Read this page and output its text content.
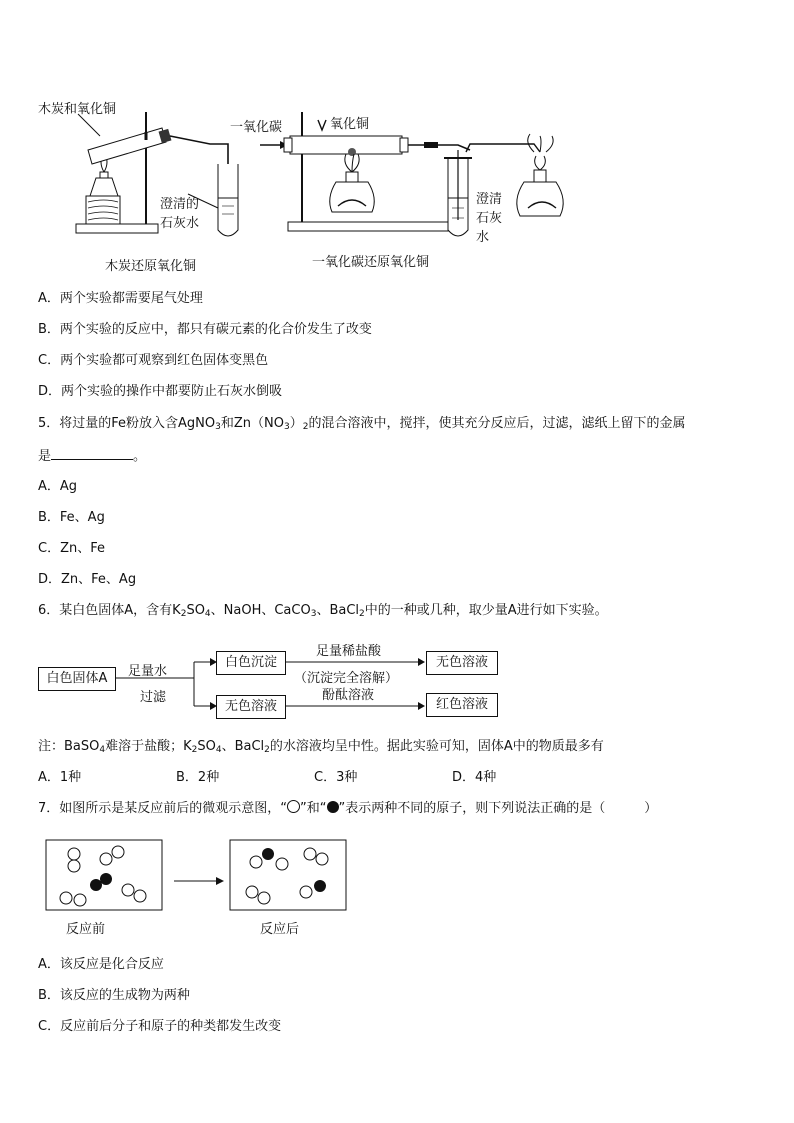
木炭和氧化铜
澄清的
石灰水
木炭还原氧化铜
一氧化碳	氧化铜
澄清
石灰
水
一氧化碳还原氧化铜
A．两个实验都需要尾气处理
B．两个实验的反应中，都只有碳元素的化合价发生了改变
C．两个实验都可观察到红色固体变黑色
D．两个实验的操作中都要防止石灰水倒吸
5．将过量的Fe粉放入含AgNO$_3$和$Zn(NO_3)_2$的混合溶液中，搅拌，使其充分反应后，过滤，滤纸上留下的金属
是	。
A．Ag
B．Fe、Ag
C．Zn、Fe
D．Zn、Fe、Ag
6．某白色固体A，含有$K_2SO_4$、NaOH、CaCO$_3$、BaCl$_2$中的一种或几种，取少量A进行如下实验。
白色固体A	足量水
过滤
白色沉淀
无色溶液
足量稀盐酸
（沉淀完全溶解）
酚酞溶液
无色溶液
红色溶液
注：BaSO$_4$难溶于盐酸；$K_2SO_4$、BaCl$_2$的水溶液均呈中性。据此实验可知，固体A中的物质最多有
A．1种	B．2种	C．3种	D．4种
7．如图所示是某反应前后的微观示意图，“ ”和“ ”表示两种不同的原子，则下列说法正确的是（　　　）
反应前	反应后
A．该反应是化合反应
B．该反应的生成物为两种
C．反应前后分子和原子的种类都发生改变
